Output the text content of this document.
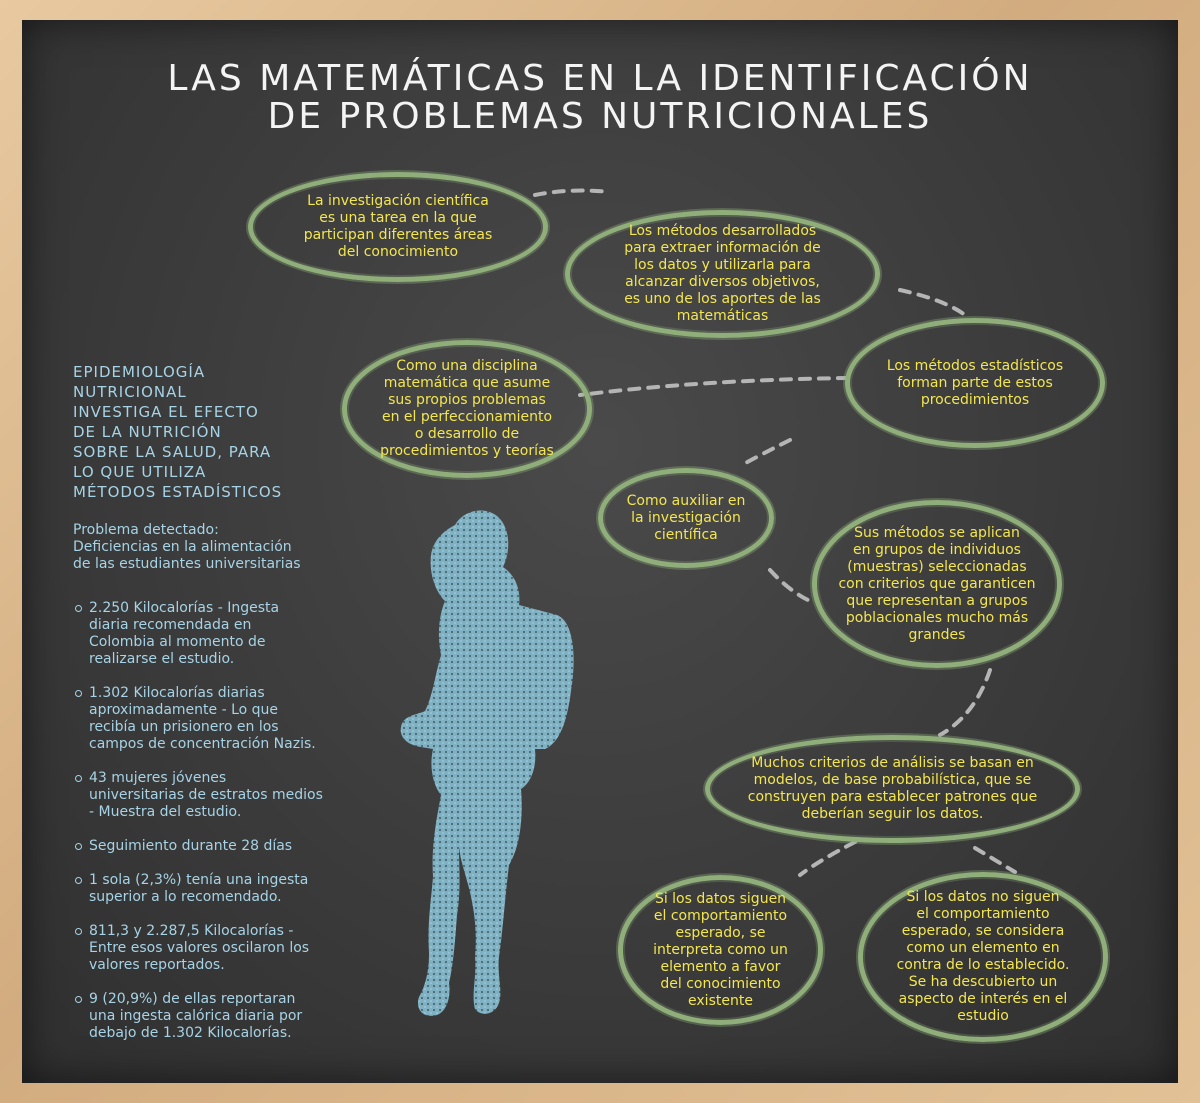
LAS MATEMÁTICAS EN LA IDENTIFICACIÓN
DE PROBLEMAS NUTRICIONALES
La investigación científica
es una tarea en la que
participan diferentes áreas
del conocimiento
Los métodos desarrollados
para extraer información de
los datos y utilizarla para
alcanzar diversos objetivos,
es uno de los aportes de las
matemáticas
Los métodos estadísticos
forman parte de estos
procedimientos
Como una disciplina
matemática que asume
sus propios problemas
en el perfeccionamiento
o desarrollo de
procedimientos y teorías
Como auxiliar en
la investigación
científica	Sus métodos se aplican
en grupos de individuos
(muestras) seleccionadas
con criterios que garanticen
que representan a grupos
poblacionales mucho más
grandes
Muchos criterios de análisis se basan en
modelos, de base probabilística, que se
construyen para establecer patrones que
deberían seguir los datos.
Si los datos siguen
el comportamiento
esperado, se
interpreta como un
elemento a favor
del conocimiento
existente
Si los datos no siguen
el comportamiento
esperado, se considera
como un elemento en
contra de lo establecido.
Se ha descubierto un
aspecto de interés en el
estudio
EPIDEMIOLOGÍA
NUTRICIONAL
INVESTIGA EL EFECTO
DE LA NUTRICIÓN
SOBRE LA SALUD, PARA
LO QUE UTILIZA
MÉTODOS ESTADÍSTICOS
Problema detectado:
Deficiencias en la alimentación
de las estudiantes universitarias
2.250 Kilocalorías - Ingesta
diaria recomendada en
Colombia al momento de
realizarse el estudio.
1.302 Kilocalorías diarias
aproximadamente - Lo que
recibía un prisionero en los
campos de concentración Nazis.
43 mujeres jóvenes
universitarias de estratos medios
- Muestra del estudio.
Seguimiento durante 28 días
1 sola (2,3%) tenía una ingesta
superior a lo recomendado.
811,3 y 2.287,5 Kilocalorías -
Entre esos valores oscilaron los
valores reportados.
9 (20,9%) de ellas reportaran
una ingesta calórica diaria por
debajo de 1.302 Kilocalorías.
